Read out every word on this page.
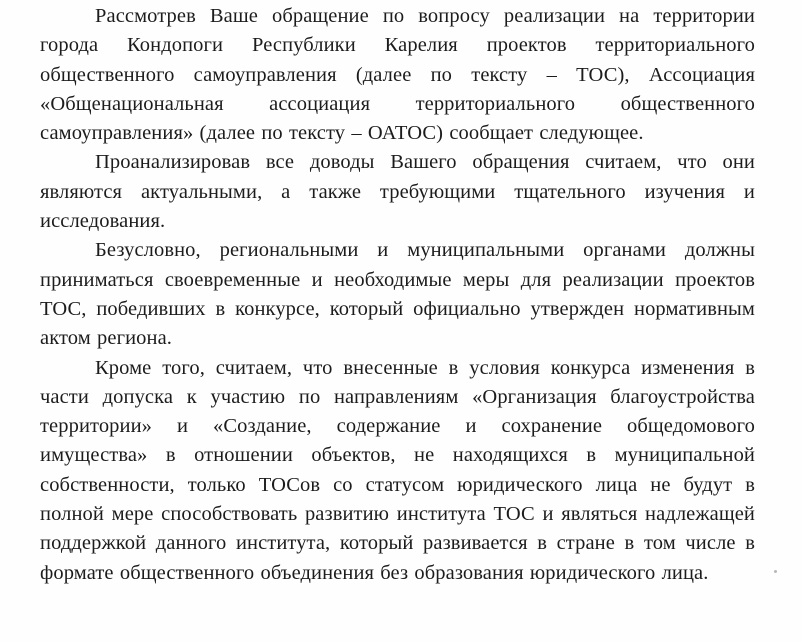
Рассмотрев Ваше обращение по вопросу реализации на территории города Кондопоги Республики Карелия проектов территориального общественного самоуправления (далее по тексту – ТОС), Ассоциация «Общенациональная ассоциация территориального общественного самоуправления» (далее по тексту – ОАТОС) сообщает следующее.

Проанализировав все доводы Вашего обращения считаем, что они являются актуальными, а также требующими тщательного изучения и исследования.

Безусловно, региональными и муниципальными органами должны приниматься своевременные и необходимые меры для реализации проектов ТОС, победивших в конкурсе, который официально утвержден нормативным актом региона.

Кроме того, считаем, что внесенные в условия конкурса изменения в части допуска к участию по направлениям «Организация благоустройства территории» и «Создание, содержание и сохранение общедомового имущества» в отношении объектов, не находящихся в муниципальной собственности, только ТОСов со статусом юридического лица не будут в полной мере способствовать развитию института ТОС и являться надлежащей поддержкой данного института, который развивается в стране в том числе в формате общественного объединения без образования юридического лица.
